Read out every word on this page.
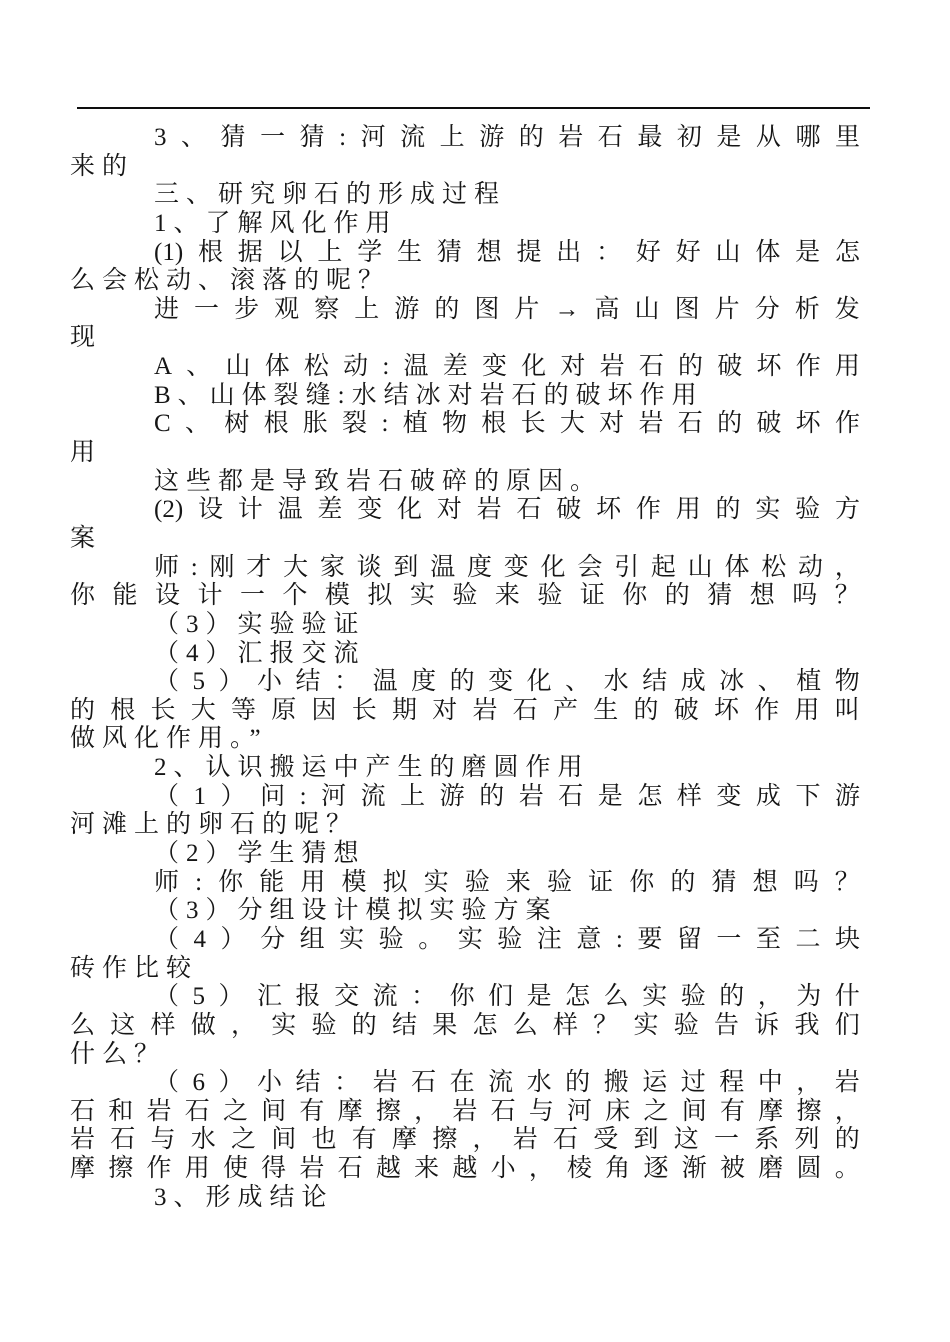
3 、 猜 一 猜 : 河 流 上 游 的 岩 石 最 初 是 从 哪 里
来的
三、研究卵石的形成过程
1、了解风化作用
(1) 根 据 以 上 学 生 猜 想 提 出 ： 好 好 山 体 是 怎
么会松动、滚落的呢？
进 一 步 观 察 上 游 的 图 片 → 高 山 图 片 分 析 发
现
A 、 山 体 松 动 : 温 差 变 化 对 岩 石 的 破 坏 作 用
B、山体裂缝:水结冰对岩石的破坏作用
C 、 树 根 胀 裂 : 植 物 根 长 大 对 岩 石 的 破 坏 作
用
这些都是导致岩石破碎的原因。
(2) 设 计 温 差 变 化 对 岩 石 破 坏 作 用 的 实 验 方
案
师 : 刚 才 大 家 谈 到 温 度 变 化 会 引 起 山 体 松 动 ，
你 能 设 计 一 个 模 拟 实 验 来 验 证 你 的 猜 想 吗 ？
（3）实验验证
（4）汇报交流
（ 5 ） 小 结 ： 温 度 的 变 化 、 水 结 成 冰 、 植 物
的 根 长 大 等 原 因 长 期 对 岩 石 产 生 的 破 坏 作 用 叫
做风化作用。”
2、认识搬运中产生的磨圆作用
（ 1 ） 问 : 河 流 上 游 的 岩 石 是 怎 样 变 成 下 游
河滩上的卵石的呢？
（2）学生猜想
师 : 你 能 用 模 拟 实 验 来 验 证 你 的 猜 想 吗 ？
（3）分组设计模拟实验方案
（ 4 ） 分 组 实 验 。 实 验 注 意 : 要 留 一 至 二 块
砖作比较
（ 5 ） 汇 报 交 流 ： 你 们 是 怎 么 实 验 的 ， 为 什
么 这 样 做 ， 实 验 的 结 果 怎 么 样 ？ 实 验 告 诉 我 们
什么？
（ 6 ） 小 结 ： 岩 石 在 流 水 的 搬 运 过 程 中 ， 岩
石 和 岩 石 之 间 有 摩 擦 ， 岩 石 与 河 床 之 间 有 摩 擦 ，
岩 石 与 水 之 间 也 有 摩 擦 ， 岩 石 受 到 这 一 系 列 的
摩 擦 作 用 使 得 岩 石 越 来 越 小 ， 棱 角 逐 渐 被 磨 圆 。
3、形成结论
